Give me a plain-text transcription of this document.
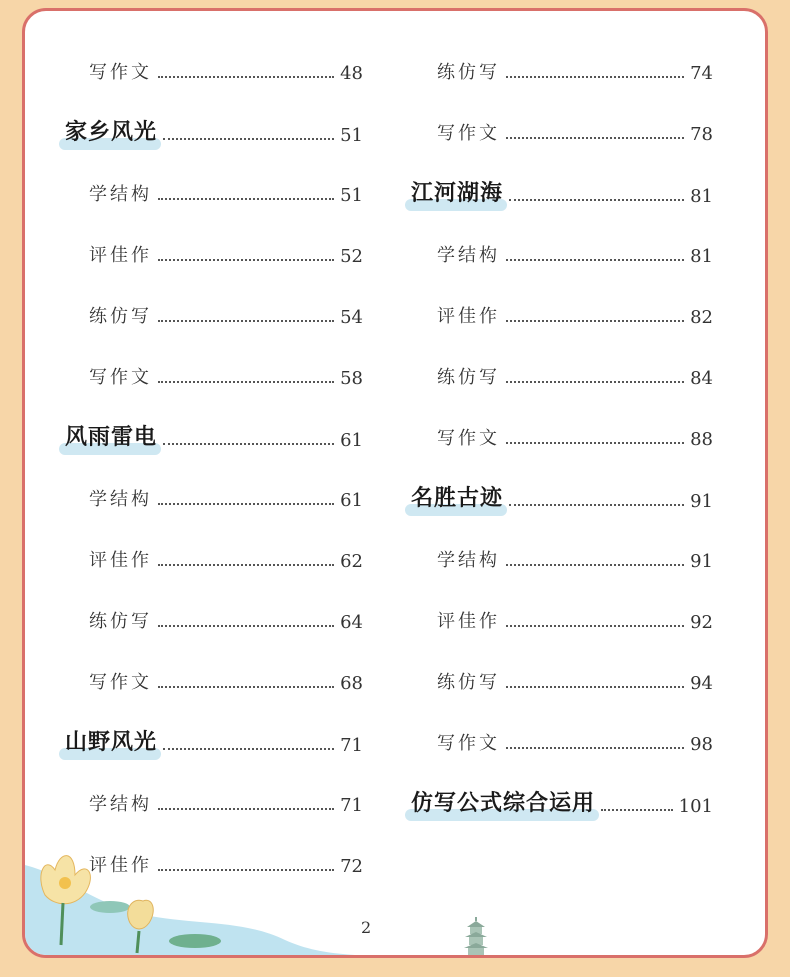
写作文	48
家乡风光	51
学结构	51
评佳作	52
练仿写	54
写作文	58
风雨雷电	61
学结构	61
评佳作	62
练仿写	64
写作文	68
山野风光	71
学结构	71
评佳作	72
练仿写	74
写作文	78
江河湖海	81
学结构	81
评佳作	82
练仿写	84
写作文	88
名胜古迹	91
学结构	91
评佳作	92
练仿写	94
写作文	98
仿写公式综合运用	101
2
